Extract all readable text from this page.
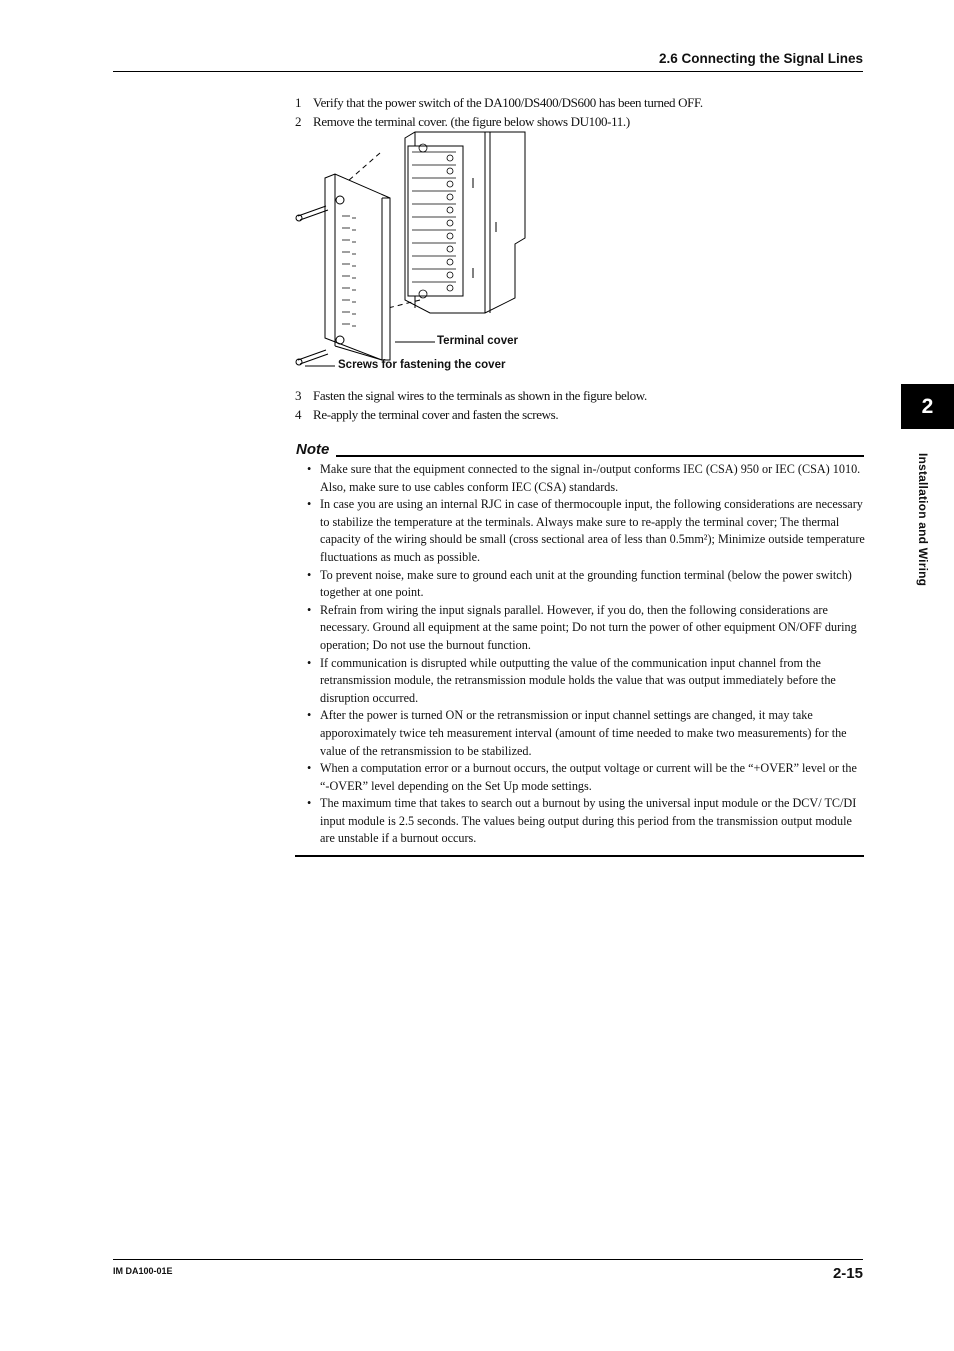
2.6 Connecting the Signal Lines
1 Verify that the power switch of the DA100/DS400/DS600 has been turned OFF.
2 Remove the terminal cover. (the figure below shows DU100-11.)
Terminal cover
Screws for fastening the cover
3 Fasten the signal wires to the terminals as shown in the figure below.
4 Re-apply the terminal cover and fasten the screws.
Note
• Make sure that the equipment connected to the signal in-/output conforms IEC (CSA) 950 or IEC (CSA) 1010. Also, make sure to use cables conform IEC (CSA) standards.
• In case you are using an internal RJC in case of thermocouple input, the following considerations are necessary to stabilize the temperature at the terminals. Always make sure to re-apply the terminal cover; The thermal capacity of the wiring should be small (cross sectional area of less than 0.5mm²); Minimize outside temperature fluctuations as much as possible.
• To prevent noise, make sure to ground each unit at the grounding function terminal (below the power switch) together at one point.
• Refrain from wiring the input signals parallel. However, if you do, then the following considerations are necessary. Ground all equipment at the same point; Do not turn the power of other equipment ON/OFF during operation; Do not use the burnout function.
• If communication is disrupted while outputting the value of the communication input channel from the retransmission module, the retransmission module holds the value that was output immediately before the disruption occurred.
• After the power is turned ON or the retransmission or input channel settings are changed, it may take apporoximately twice teh measurement interval (amount of time needed to make two measurements) for the value of the retransmission to be stabilized.
• When a computation error or a burnout occurs, the output voltage or current will be the “+OVER” level or the “-OVER” level depending on the Set Up mode settings.
• The maximum time that takes to search out a burnout by using the universal input module or the DCV/ TC/DI input module is 2.5 seconds. The values being output during this period from the transmission output module are unstable if a burnout occurs.
2
Installation and Wiring
IM DA100-01E	2-15
